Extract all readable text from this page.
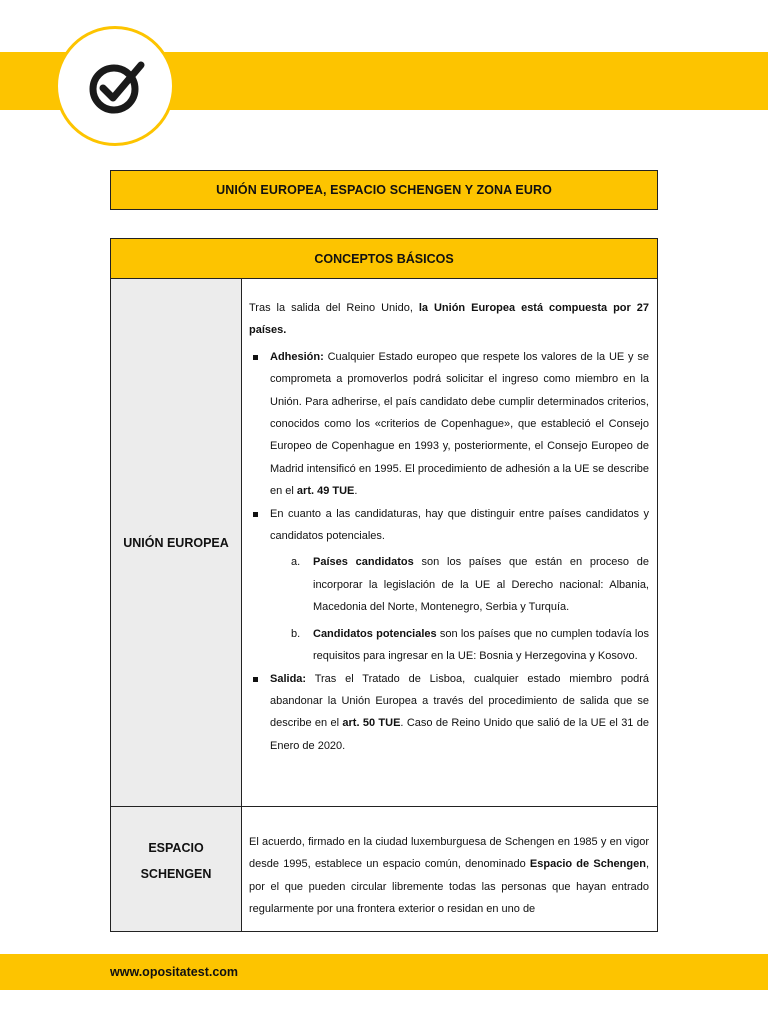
UNIÓN EUROPEA, ESPACIO SCHENGEN Y ZONA EURO
CONCEPTOS BÁSICOS
UNIÓN EUROPEA

Tras la salida del Reino Unido, la Unión Europea está compuesta por 27 países.

Adhesión: Cualquier Estado europeo que respete los valores de la UE y se comprometa a promoverlos podrá solicitar el ingreso como miembro en la Unión. Para adherirse, el país candidato debe cumplir determinados criterios, conocidos como los «criterios de Copenhague», que estableció el Consejo Europeo de Copenhague en 1993 y, posteriormente, el Consejo Europeo de Madrid intensificó en 1995. El procedimiento de adhesión a la UE se describe en el art. 49 TUE.

En cuanto a las candidaturas, hay que distinguir entre países candidatos y candidatos potenciales.

a. Países candidatos son los países que están en proceso de incorporar la legislación de la UE al Derecho nacional: Albania, Macedonia del Norte, Montenegro, Serbia y Turquía.

b. Candidatos potenciales son los países que no cumplen todavía los requisitos para ingresar en la UE: Bosnia y Herzegovina y Kosovo.

Salida: Tras el Tratado de Lisboa, cualquier estado miembro podrá abandonar la Unión Europea a través del procedimiento de salida que se describe en el art. 50 TUE. Caso de Reino Unido que salió de la UE el 31 de Enero de 2020.

ESPACIO
SCHENGEN

El acuerdo, firmado en la ciudad luxemburguesa de Schengen en 1985 y en vigor desde 1995, establece un espacio común, denominado Espacio de Schengen, por el que pueden circular libremente todas las personas que hayan entrado regularmente por una frontera exterior o residan en uno de

www.opositatest.com
